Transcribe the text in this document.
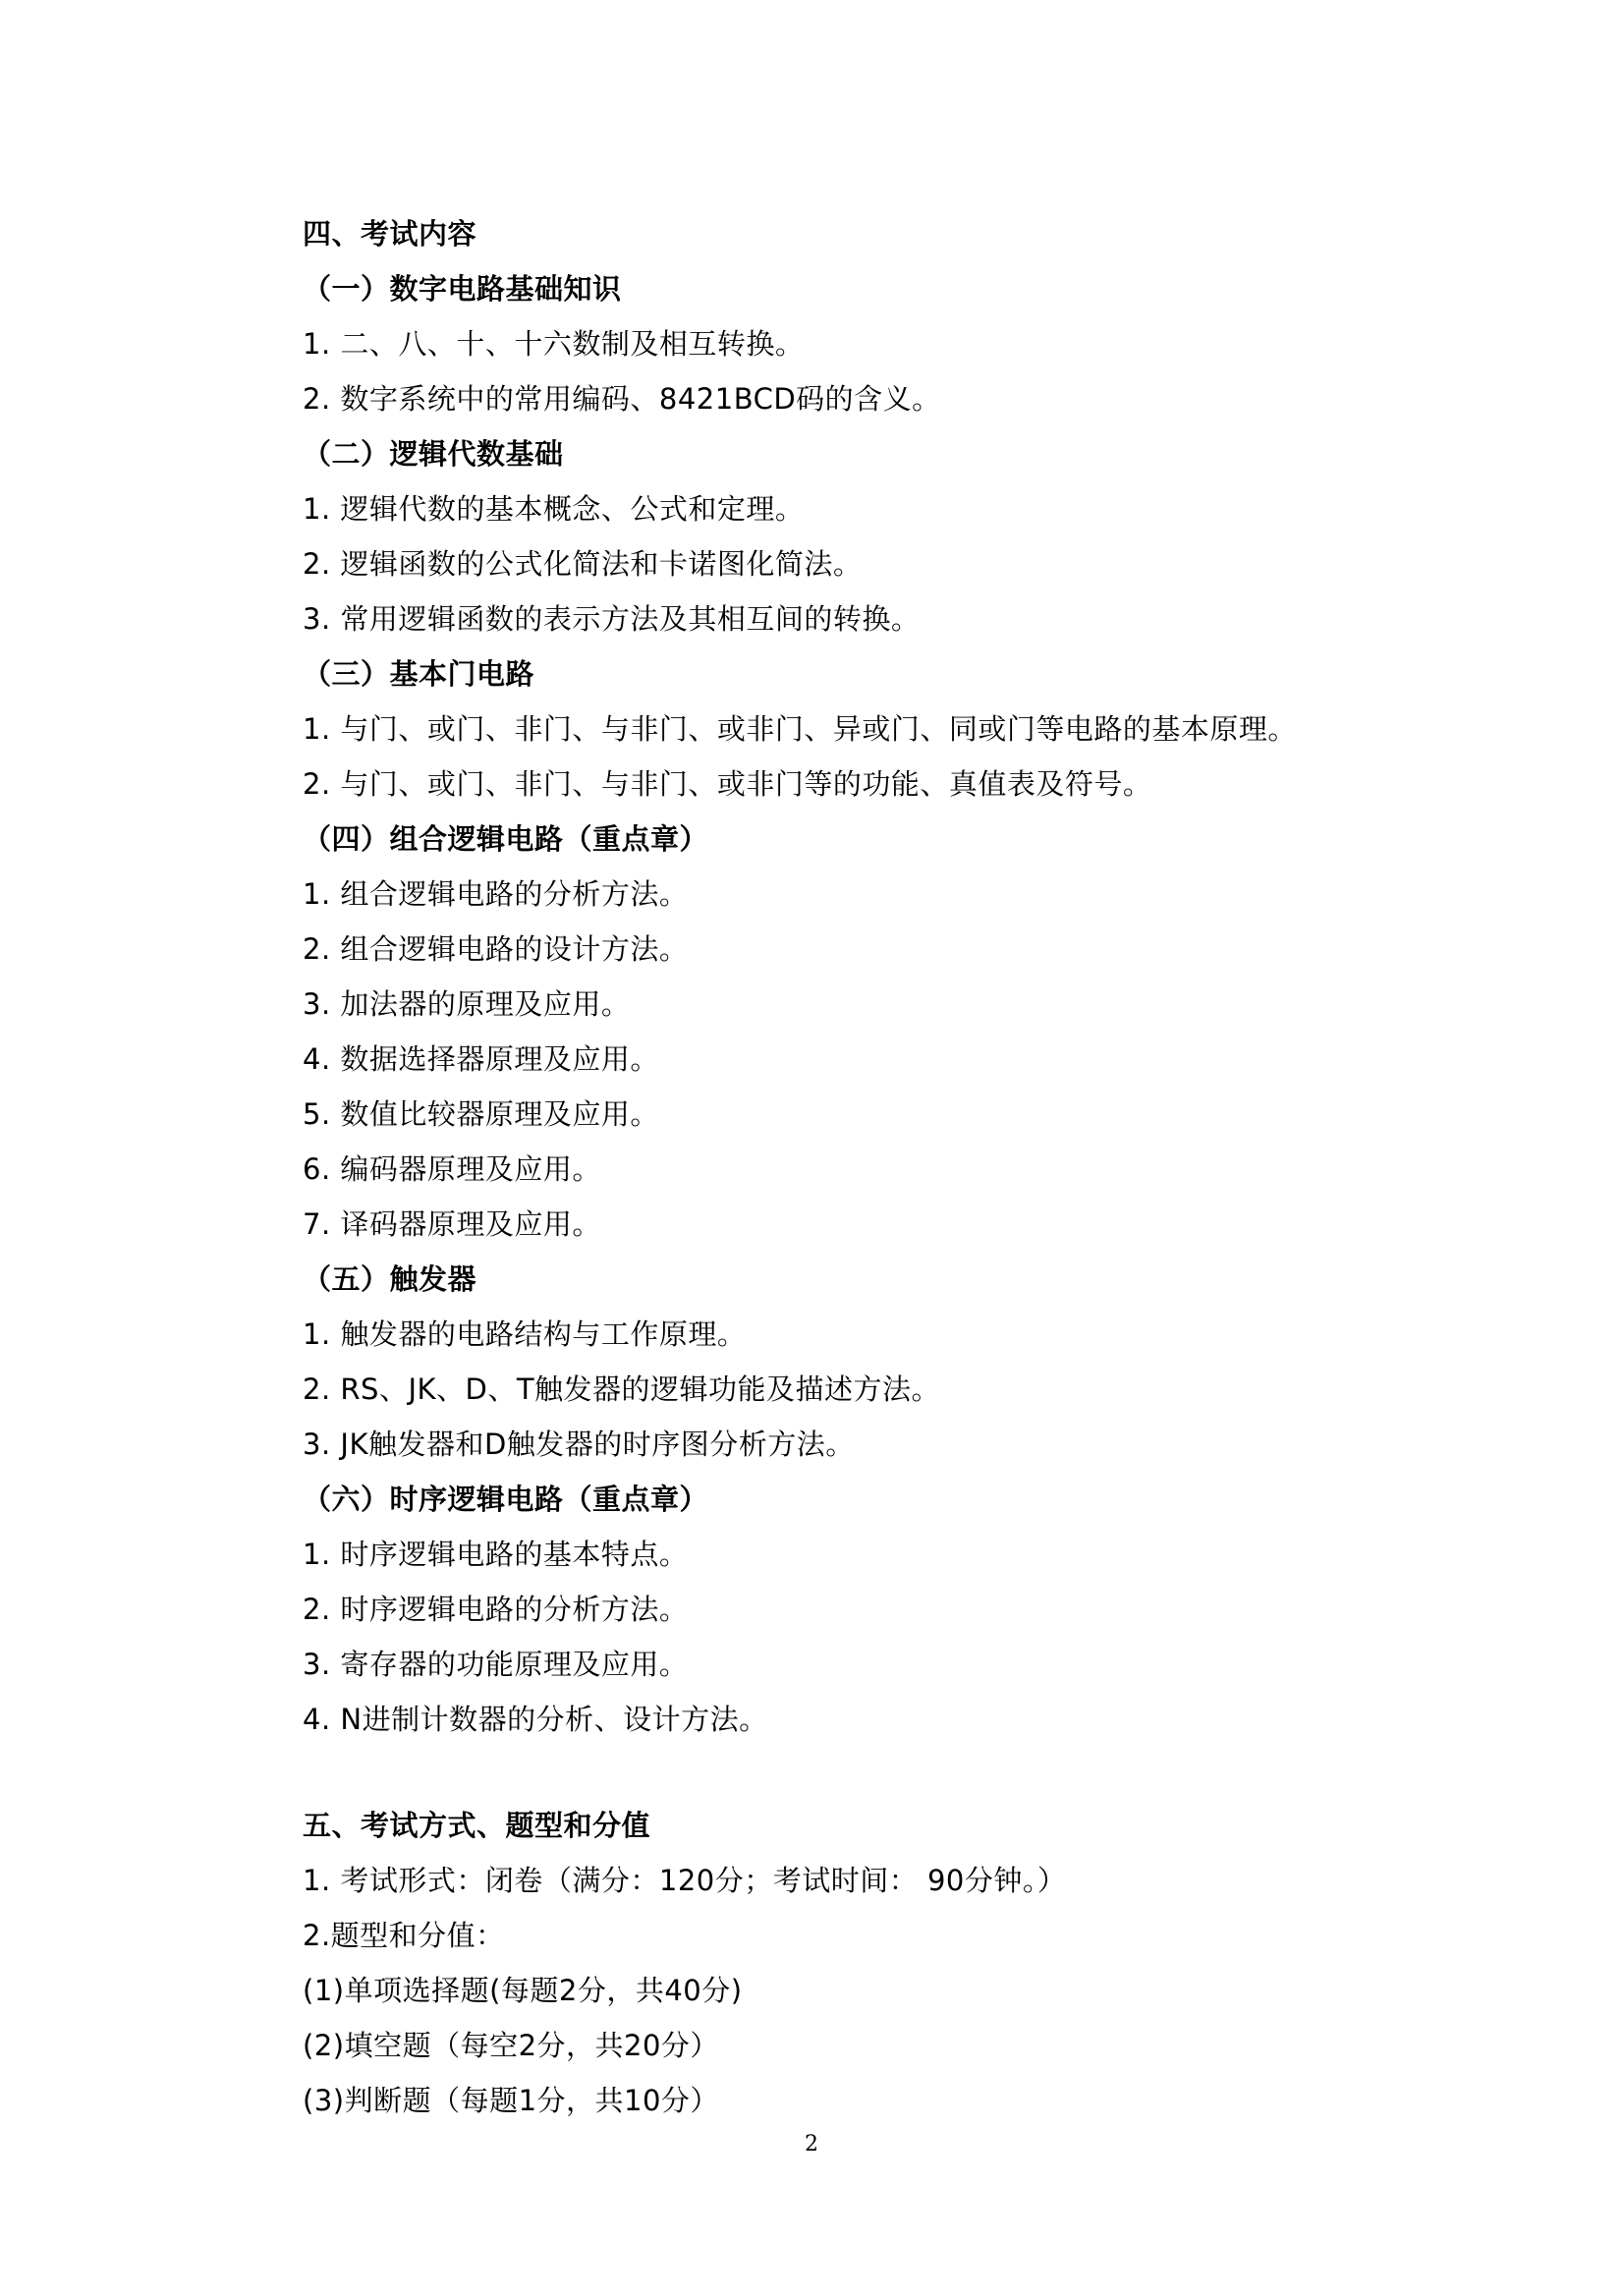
四、考试内容
（一）数字电路基础知识
1. 二、八、十、十六数制及相互转换。
2. 数字系统中的常用编码、8421BCD码的含义。
（二）逻辑代数基础
1. 逻辑代数的基本概念、公式和定理。
2. 逻辑函数的公式化简法和卡诺图化简法。
3. 常用逻辑函数的表示方法及其相互间的转换。
（三）基本门电路
1. 与门、或门、非门、与非门、或非门、异或门、同或门等电路的基本原理。
2. 与门、或门、非门、与非门、或非门等的功能、真值表及符号。
（四）组合逻辑电路（重点章）
1. 组合逻辑电路的分析方法。
2. 组合逻辑电路的设计方法。
3. 加法器的原理及应用。
4. 数据选择器原理及应用。
5. 数值比较器原理及应用。
6. 编码器原理及应用。
7. 译码器原理及应用。
（五）触发器
1. 触发器的电路结构与工作原理。
2. RS、JK、D、T触发器的逻辑功能及描述方法。
3. JK触发器和D触发器的时序图分析方法。
（六）时序逻辑电路（重点章）
1. 时序逻辑电路的基本特点。
2. 时序逻辑电路的分析方法。
3. 寄存器的功能原理及应用。
4. N进制计数器的分析、设计方法。
五、考试方式、题型和分值
1. 考试形式：闭卷（满分：120分；考试时间： 90分钟。）
2.题型和分值：
(1)单项选择题(每题2分，共40分)
(2)填空题（每空2分，共20分）
(3)判断题（每题1分，共10分）
2
